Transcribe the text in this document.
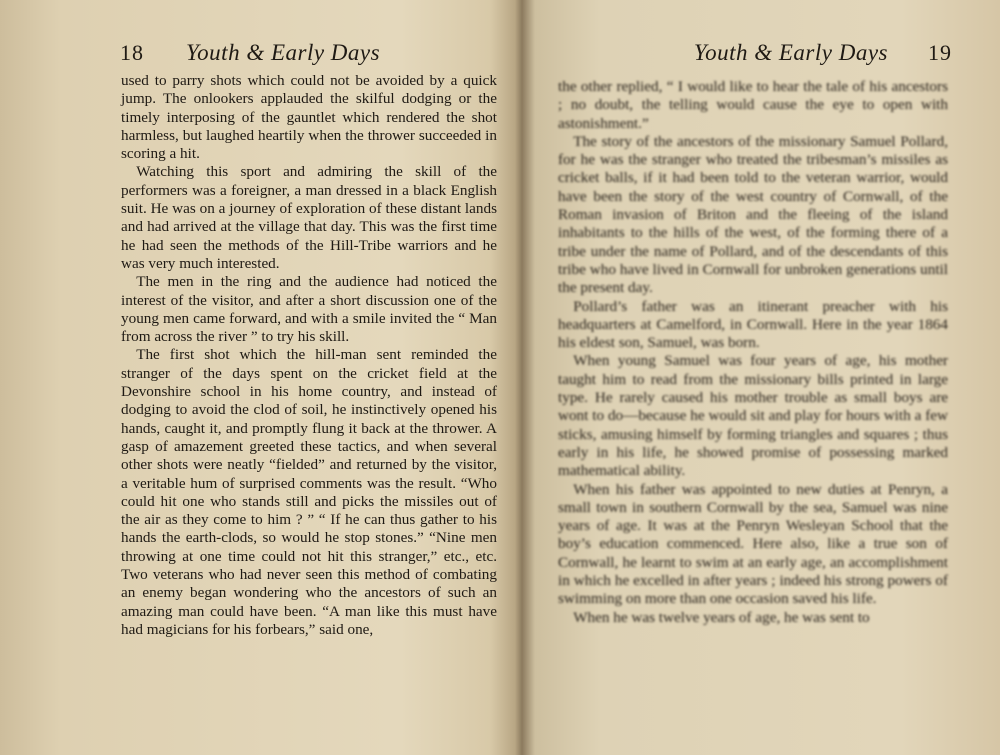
18 Youth & Early Days

used to parry shots which could not be avoided by a quick jump. The onlookers applauded the skilful dodging or the timely interposing of the gauntlet which rendered the shot harmless, but laughed heartily when the thrower succeeded in scoring a hit.

Watching this sport and admiring the skill of the performers was a foreigner, a man dressed in a black English suit. He was on a journey of exploration of these distant lands and had arrived at the village that day. This was the first time he had seen the methods of the Hill-Tribe warriors and he was very much interested.

The men in the ring and the audience had noticed the interest of the visitor, and after a short discussion one of the young men came forward, and with a smile invited the “ Man from across the river ” to try his skill.

The first shot which the hill-man sent reminded the stranger of the days spent on the cricket field at the Devonshire school in his home country, and instead of dodging to avoid the clod of soil, he instinctively opened his hands, caught it, and promptly flung it back at the thrower. A gasp of amazement greeted these tactics, and when several other shots were neatly “fielded” and returned by the visitor, a veritable hum of surprised comments was the result. “Who could hit one who stands still and picks the missiles out of the air as they come to him ? ” “ If he can thus gather to his hands the earth-clods, so would he stop stones.” “Nine men throwing at one time could not hit this stranger,” etc., etc. Two veterans who had never seen this method of combating an enemy began wondering who the ancestors of such an amazing man could have been. “A man like this must have had magicians for his forbears,” said one,

Youth & Early Days 19

the other replied, “ I would like to hear the tale of his ancestors ; no doubt, the telling would cause the eye to open with astonishment.”

The story of the ancestors of the missionary Samuel Pollard, for he was the stranger who treated the tribesman’s missiles as cricket balls, if it had been told to the veteran warrior, would have been the story of the west country of Cornwall, of the Roman invasion of Briton and the fleeing of the island inhabitants to the hills of the west, of the forming there of a tribe under the name of Pollard, and of the descendants of this tribe who have lived in Cornwall for unbroken generations until the present day.

Pollard’s father was an itinerant preacher with his headquarters at Camelford, in Cornwall. Here in the year 1864 his eldest son, Samuel, was born.

When young Samuel was four years of age, his mother taught him to read from the missionary bills printed in large type. He rarely caused his mother trouble as small boys are wont to do—because he would sit and play for hours with a few sticks, amusing himself by forming triangles and squares ; thus early in his life, he showed promise of possessing marked mathematical ability.

When his father was appointed to new duties at Penryn, a small town in southern Cornwall by the sea, Samuel was nine years of age. It was at the Penryn Wesleyan School that the boy’s education commenced. Here also, like a true son of Cornwall, he learnt to swim at an early age, an accomplishment in which he excelled in after years ; indeed his strong powers of swimming on more than one occasion saved his life.

When he was twelve years of age, he was sent to
